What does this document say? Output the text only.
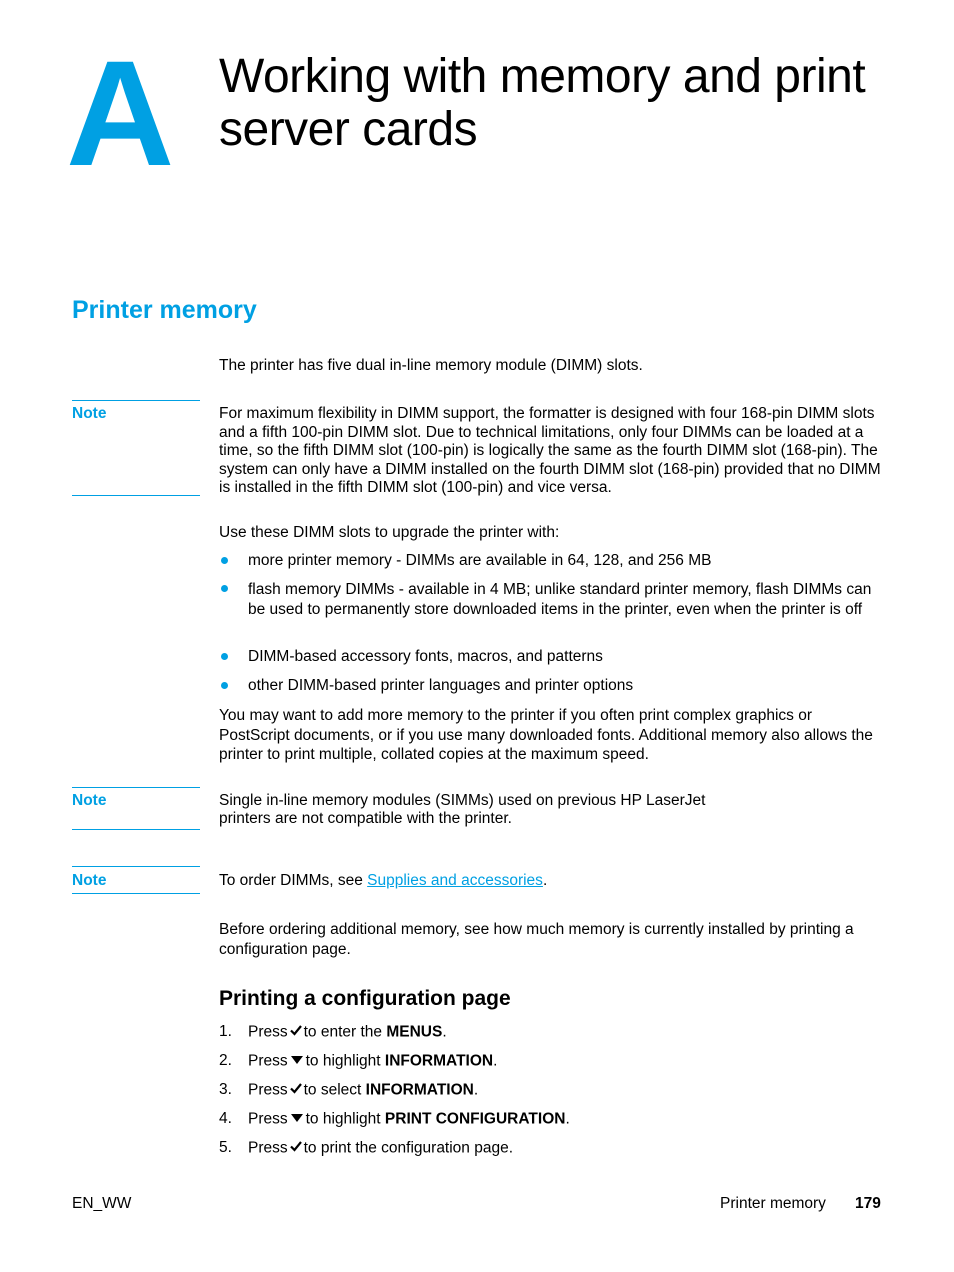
A Working with memory and print server cards
Printer memory
The printer has five dual in-line memory module (DIMM) slots.
Note	For maximum flexibility in DIMM support, the formatter is designed with four 168-pin DIMM slots and a fifth 100-pin DIMM slot. Due to technical limitations, only four DIMMs can be loaded at a time, so the fifth DIMM slot (100-pin) is logically the same as the fourth DIMM slot (168-pin). The system can only have a DIMM installed on the fourth DIMM slot (168-pin) provided that no DIMM is installed in the fifth DIMM slot (100-pin) and vice versa.
Use these DIMM slots to upgrade the printer with:
more printer memory - DIMMs are available in 64, 128, and 256 MB
flash memory DIMMs - available in 4 MB; unlike standard printer memory, flash DIMMs can be used to permanently store downloaded items in the printer, even when the printer is off
DIMM-based accessory fonts, macros, and patterns
other DIMM-based printer languages and printer options
You may want to add more memory to the printer if you often print complex graphics or PostScript documents, or if you use many downloaded fonts. Additional memory also allows the printer to print multiple, collated copies at the maximum speed.
Note	Single in-line memory modules (SIMMs) used on previous HP LaserJet
printers are not compatible with the printer.
Note	To order DIMMs, see Supplies and accessories.
Before ordering additional memory, see how much memory is currently installed by printing a configuration page.
Printing a configuration page
1.	Press to enter the MENUS.
2.	Press to highlight INFORMATION.
3.	Press to select INFORMATION.
4.	Press to highlight PRINT CONFIGURATION.
5.	Press to print the configuration page.
EN_WW	Printer memory 179
